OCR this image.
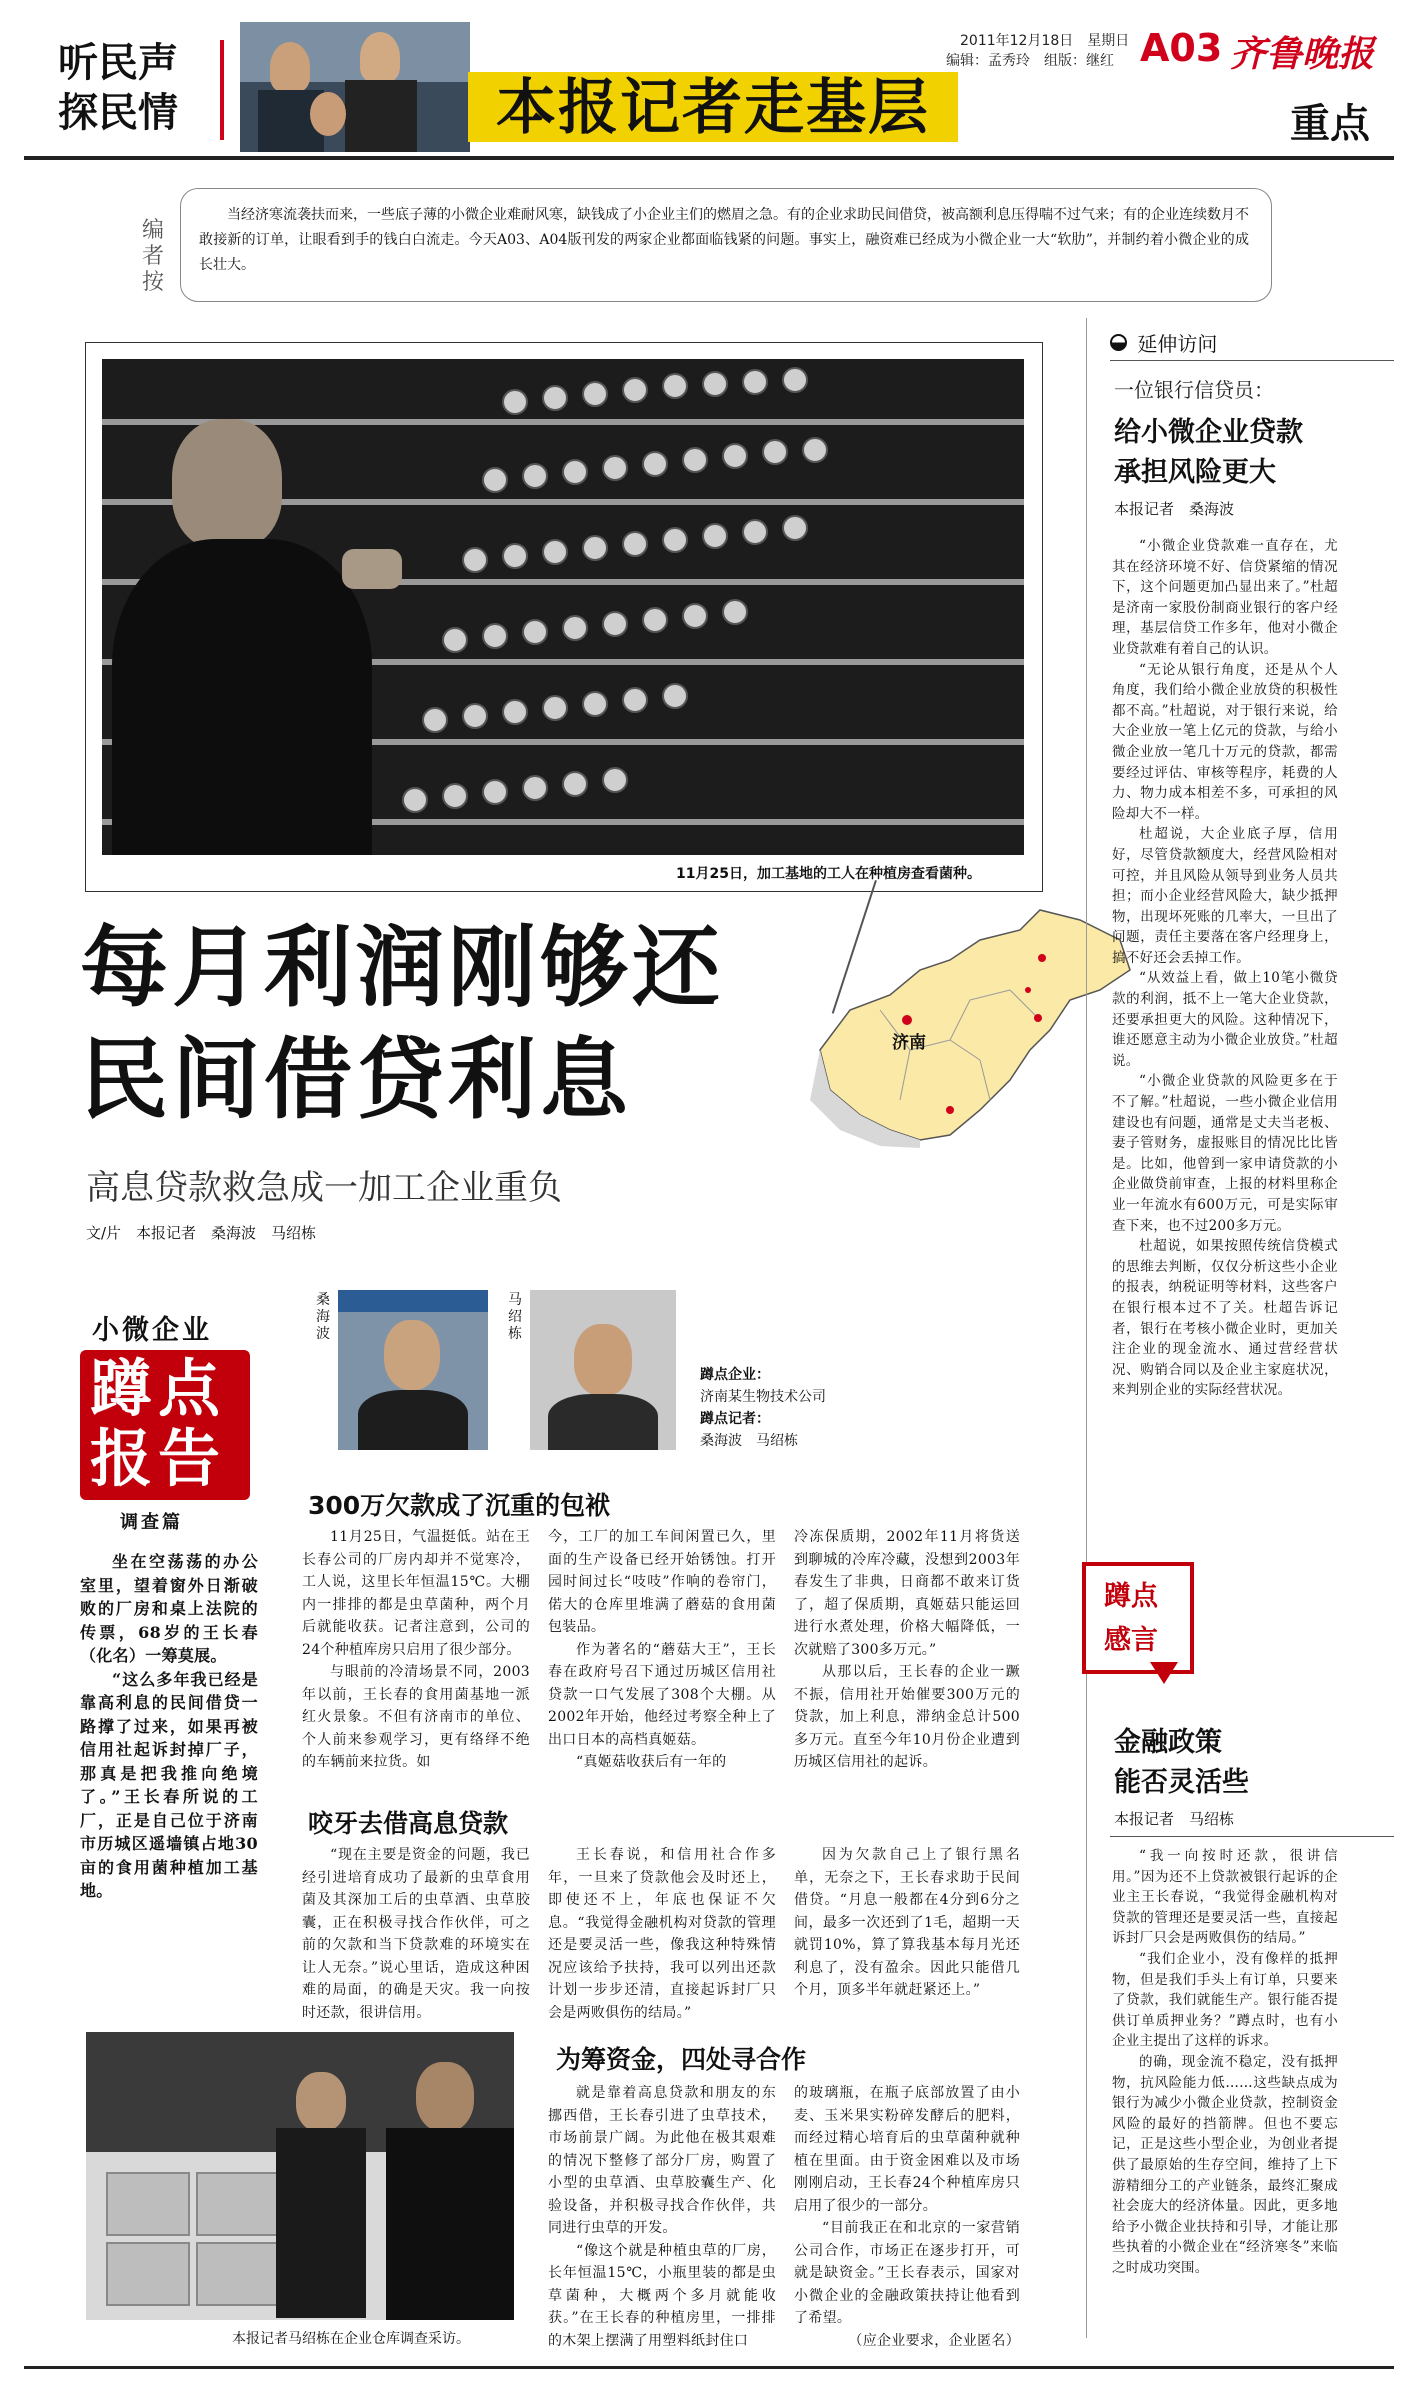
听民声
探民情	本报记者走基层
2011年12月18日　星期日
编辑：孟秀玲　组版：继红 A03 齐鲁晚报
重点
当经济寒流袭扶而来，一些底子薄的小微企业难耐风寒，缺钱成了小企业主们的燃眉之急。有的企业求助民间借贷，被高额利息压得喘不过气来；有的企业连续数月不敢接新的订单，让眼看到手的钱白白流走。今天A03、A04版刊发的两家企业都面临钱紧的问题。事实上，融资难已经成为小微企业一大“软肋”，并制约着小微企业的成长壮大。
编者按
11月25日，加工基地的工人在种植房查看菌种。
济南
每月利润刚够还
民间借贷利息
高息贷款救急成一加工企业重负
文/片　本报记者　桑海波　马绍栋
小微企业
蹲点
报告
调查篇
桑海波
马绍栋
蹲点企业：
济南某生物技术公司
蹲点记者：
桑海波　马绍栋

坐在空荡荡的办公室里，望着窗外日渐破败的厂房和桌上法院的传票，68岁的王长春（化名）一筹莫展。

“这么多年我已经是靠高利息的民间借贷一路撑了过来，如果再被信用社起诉封掉厂子，那真是把我推向绝境了。”王长春所说的工厂，正是自己位于济南市历城区遥墙镇占地30亩的食用菌种植加工基地。

300万欠款成了沉重的包袱

11月25日，气温挺低。站在王长春公司的厂房内却并不觉寒冷，工人说，这里长年恒温15℃。大棚内一排排的都是虫草菌种，两个月后就能收获。记者注意到，公司的24个种植库房只启用了很少部分。

与眼前的冷清场景不同，2003年以前，王长春的食用菌基地一派红火景象。不但有济南市的单位、个人前来参观学习，更有络绎不绝的车辆前来拉货。如

今，工厂的加工车间闲置已久，里面的生产设备已经开始锈蚀。打开园时间过长“吱吱”作响的卷帘门，偌大的仓库里堆满了蘑菇的食用菌包装品。

作为著名的“蘑菇大王”，王长春在政府号召下通过历城区信用社贷款一口气发展了308个大棚。从2002年开始，他经过考察全种上了出口日本的高档真姬菇。

“真姬菇收获后有一年的

冷冻保质期，2002年11月将货送到聊城的冷库冷藏，没想到2003年春发生了非典，日商都不敢来订货了，超了保质期，真姬菇只能运回进行水煮处理，价格大幅降低，一次就赔了300多万元。”

从那以后，王长春的企业一蹶不振，信用社开始催要300万元的贷款，加上利息，滞纳金总计500多万元。直至今年10月份企业遭到历城区信用社的起诉。

咬牙去借高息贷款

“现在主要是资金的问题，我已经引进培育成功了最新的虫草食用菌及其深加工后的虫草酒、虫草胶囊，正在积极寻找合作伙伴，可之前的欠款和当下贷款难的环境实在让人无奈。”说心里话，造成这种困难的局面，的确是天灾。我一向按时还款，很讲信用。

王长春说，和信用社合作多年，一旦来了贷款他会及时还上，即使还不上，年底也保证不欠息。“我觉得金融机构对贷款的管理还是要灵活一些，像我这种特殊情况应该给予扶持，我可以列出还款计划一步步还清，直接起诉封厂只会是两败俱伤的结局。”

因为欠款自己上了银行黑名单，无奈之下，王长春求助于民间借贷。“月息一般都在4分到6分之间，最多一次还到了1毛，超期一天就罚10%，算了算我基本每月光还利息了，没有盈余。因此只能借几个月，顶多半年就赶紧还上。”

本报记者马绍栋在企业仓库调查采访。
为筹资金，四处寻合作

就是靠着高息贷款和朋友的东挪西借，王长春引进了虫草技术，市场前景广阔。为此他在极其艰难的情况下整修了部分厂房，购置了小型的虫草酒、虫草胶囊生产、化验设备，并积极寻找合作伙伴，共同进行虫草的开发。

“像这个就是种植虫草的厂房，长年恒温15℃，小瓶里装的都是虫草菌种，大概两个多月就能收获。”在王长春的种植房里，一排排的木架上摆满了用塑料纸封住口

的玻璃瓶，在瓶子底部放置了由小麦、玉米果实粉碎发酵后的肥料，而经过精心培育后的虫草菌种就种植在里面。由于资金困难以及市场刚刚启动，王长春24个种植库房只启用了很少的一部分。

“目前我正在和北京的一家营销公司合作，市场正在逐步打开，可就是缺资金。”王长春表示，国家对小微企业的金融政策扶持让他看到了希望。

（应企业要求，企业匿名）

延伸访问
一位银行信贷员：
给小微企业贷款
承担风险更大
本报记者　桑海波

“小微企业贷款难一直存在，尤其在经济环境不好、信贷紧缩的情况下，这个问题更加凸显出来了。”杜超是济南一家股份制商业银行的客户经理，基层信贷工作多年，他对小微企业贷款难有着自己的认识。

“无论从银行角度，还是从个人角度，我们给小微企业放贷的积极性都不高。”杜超说，对于银行来说，给大企业放一笔上亿元的贷款，与给小微企业放一笔几十万元的贷款，都需要经过评估、审核等程序，耗费的人力、物力成本相差不多，可承担的风险却大不一样。

杜超说，大企业底子厚，信用好，尽管贷款额度大，经营风险相对可控，并且风险从领导到业务人员共担；而小企业经营风险大，缺少抵押物，出现坏死账的几率大，一旦出了问题，责任主要落在客户经理身上，搞不好还会丢掉工作。

“从效益上看，做上10笔小微贷款的利润，抵不上一笔大企业贷款，还要承担更大的风险。这种情况下，谁还愿意主动为小微企业放贷。”杜超说。

“小微企业贷款的风险更多在于不了解。”杜超说，一些小微企业信用建设也有问题，通常是丈夫当老板、妻子管财务，虚报账目的情况比比皆是。比如，他曾到一家申请贷款的小企业做贷前审查，上报的材料里称企业一年流水有600万元，可是实际审查下来，也不过200多万元。

杜超说，如果按照传统信贷模式的思维去判断，仅仅分析这些小企业的报表，纳税证明等材料，这些客户在银行根本过不了关。杜超告诉记者，银行在考核小微企业时，更加关注企业的现金流水、通过营经营状况、购销合同以及企业主家庭状况，来判别企业的实际经营状况。

蹲点
感言
金融政策
能否灵活些
本报记者　马绍栋

“我一向按时还款，很讲信用。”因为还不上贷款被银行起诉的企业主王长春说，“我觉得金融机构对贷款的管理还是要灵活一些，直接起诉封厂只会是两败俱伤的结局。”

“我们企业小，没有像样的抵押物，但是我们手头上有订单，只要来了贷款，我们就能生产。银行能否提供订单质押业务？”蹲点时，也有小企业主提出了这样的诉求。

的确，现金流不稳定，没有抵押物，抗风险能力低……这些缺点成为银行为减少小微企业贷款，控制资金风险的最好的挡箭牌。但也不要忘记，正是这些小型企业，为创业者提供了最原始的生存空间，维持了上下游精细分工的产业链条，最终汇聚成社会庞大的经济体量。因此，更多地给予小微企业扶持和引导，才能让那些执着的小微企业在“经济寒冬”来临之时成功突围。
